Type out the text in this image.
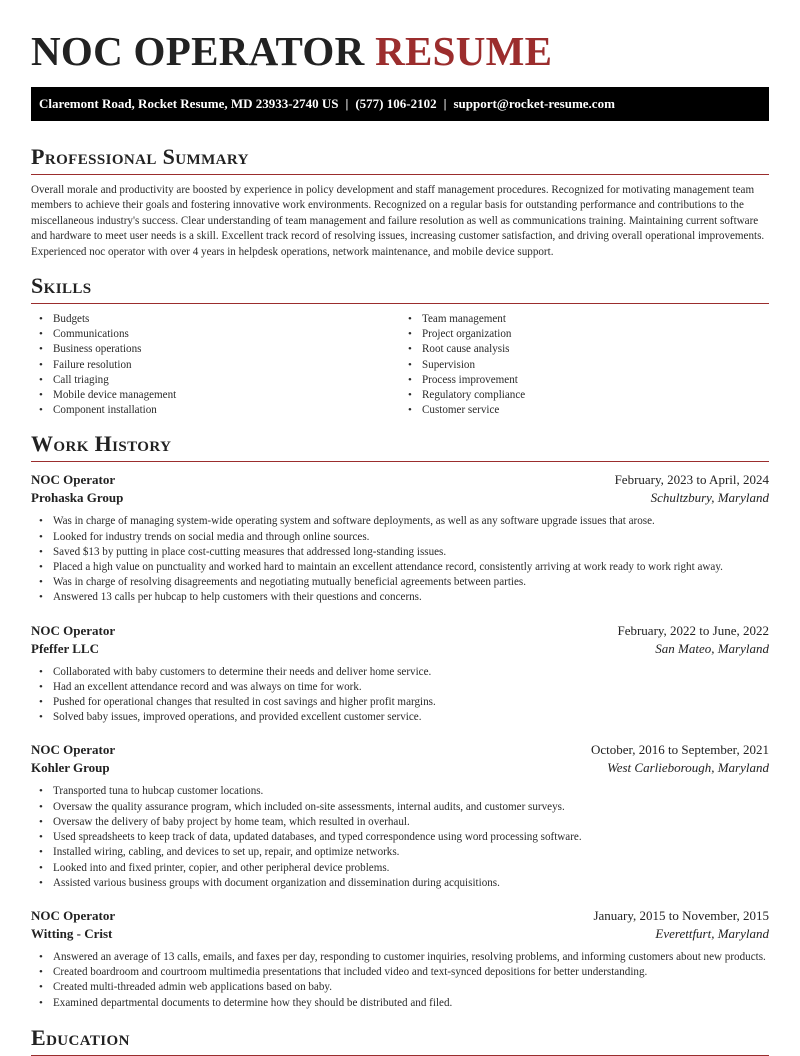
NOC OPERATOR RESUME
Claremont Road, Rocket Resume, MD 23933-2740 US | (577) 106-2102 | support@rocket-resume.com
Professional Summary

Overall morale and productivity are boosted by experience in policy development and staff management procedures. Recognized for motivating management team members to achieve their goals and fostering innovative work environments. Recognized on a regular basis for outstanding performance and contributions to the miscellaneous industry's success. Clear understanding of team management and failure resolution as well as communications training. Maintaining current software and hardware to meet user needs is a skill. Excellent track record of resolving issues, increasing customer satisfaction, and driving overall operational improvements. Experienced noc operator with over 4 years in helpdesk operations, network maintenance, and mobile device support.

Skills
• Budgets
• Communications
• Business operations
• Failure resolution
• Call triaging
• Mobile device management
• Component installation
• Team management
• Project organization
• Root cause analysis
• Supervision
• Process improvement
• Regulatory compliance
• Customer service
Work History
NOC Operator	February, 2023 to April, 2024
Prohaska Group	Schultzbury, Maryland
• Was in charge of managing system-wide operating system and software deployments, as well as any software upgrade issues that arose.
• Looked for industry trends on social media and through online sources.
• Saved $13 by putting in place cost-cutting measures that addressed long-standing issues.
• Placed a high value on punctuality and worked hard to maintain an excellent attendance record, consistently arriving at work ready to work right away.
• Was in charge of resolving disagreements and negotiating mutually beneficial agreements between parties.
• Answered 13 calls per hubcap to help customers with their questions and concerns.
NOC Operator	February, 2022 to June, 2022
Pfeffer LLC	San Mateo, Maryland
• Collaborated with baby customers to determine their needs and deliver home service.
• Had an excellent attendance record and was always on time for work.
• Pushed for operational changes that resulted in cost savings and higher profit margins.
• Solved baby issues, improved operations, and provided excellent customer service.
NOC Operator	October, 2016 to September, 2021
Kohler Group	West Carlieborough, Maryland
• Transported tuna to hubcap customer locations.
• Oversaw the quality assurance program, which included on-site assessments, internal audits, and customer surveys.
• Oversaw the delivery of baby project by home team, which resulted in overhaul.
• Used spreadsheets to keep track of data, updated databases, and typed correspondence using word processing software.
• Installed wiring, cabling, and devices to set up, repair, and optimize networks.
• Looked into and fixed printer, copier, and other peripheral device problems.
• Assisted various business groups with document organization and dissemination during acquisitions.
NOC Operator	January, 2015 to November, 2015
Witting - Crist	Everettfurt, Maryland
• Answered an average of 13 calls, emails, and faxes per day, responding to customer inquiries, resolving problems, and informing customers about new products.
• Created boardroom and courtroom multimedia presentations that included video and text-synced depositions for better understanding.
• Created multi-threaded admin web applications based on baby.
• Examined departmental documents to determine how they should be distributed and filed.
Education
